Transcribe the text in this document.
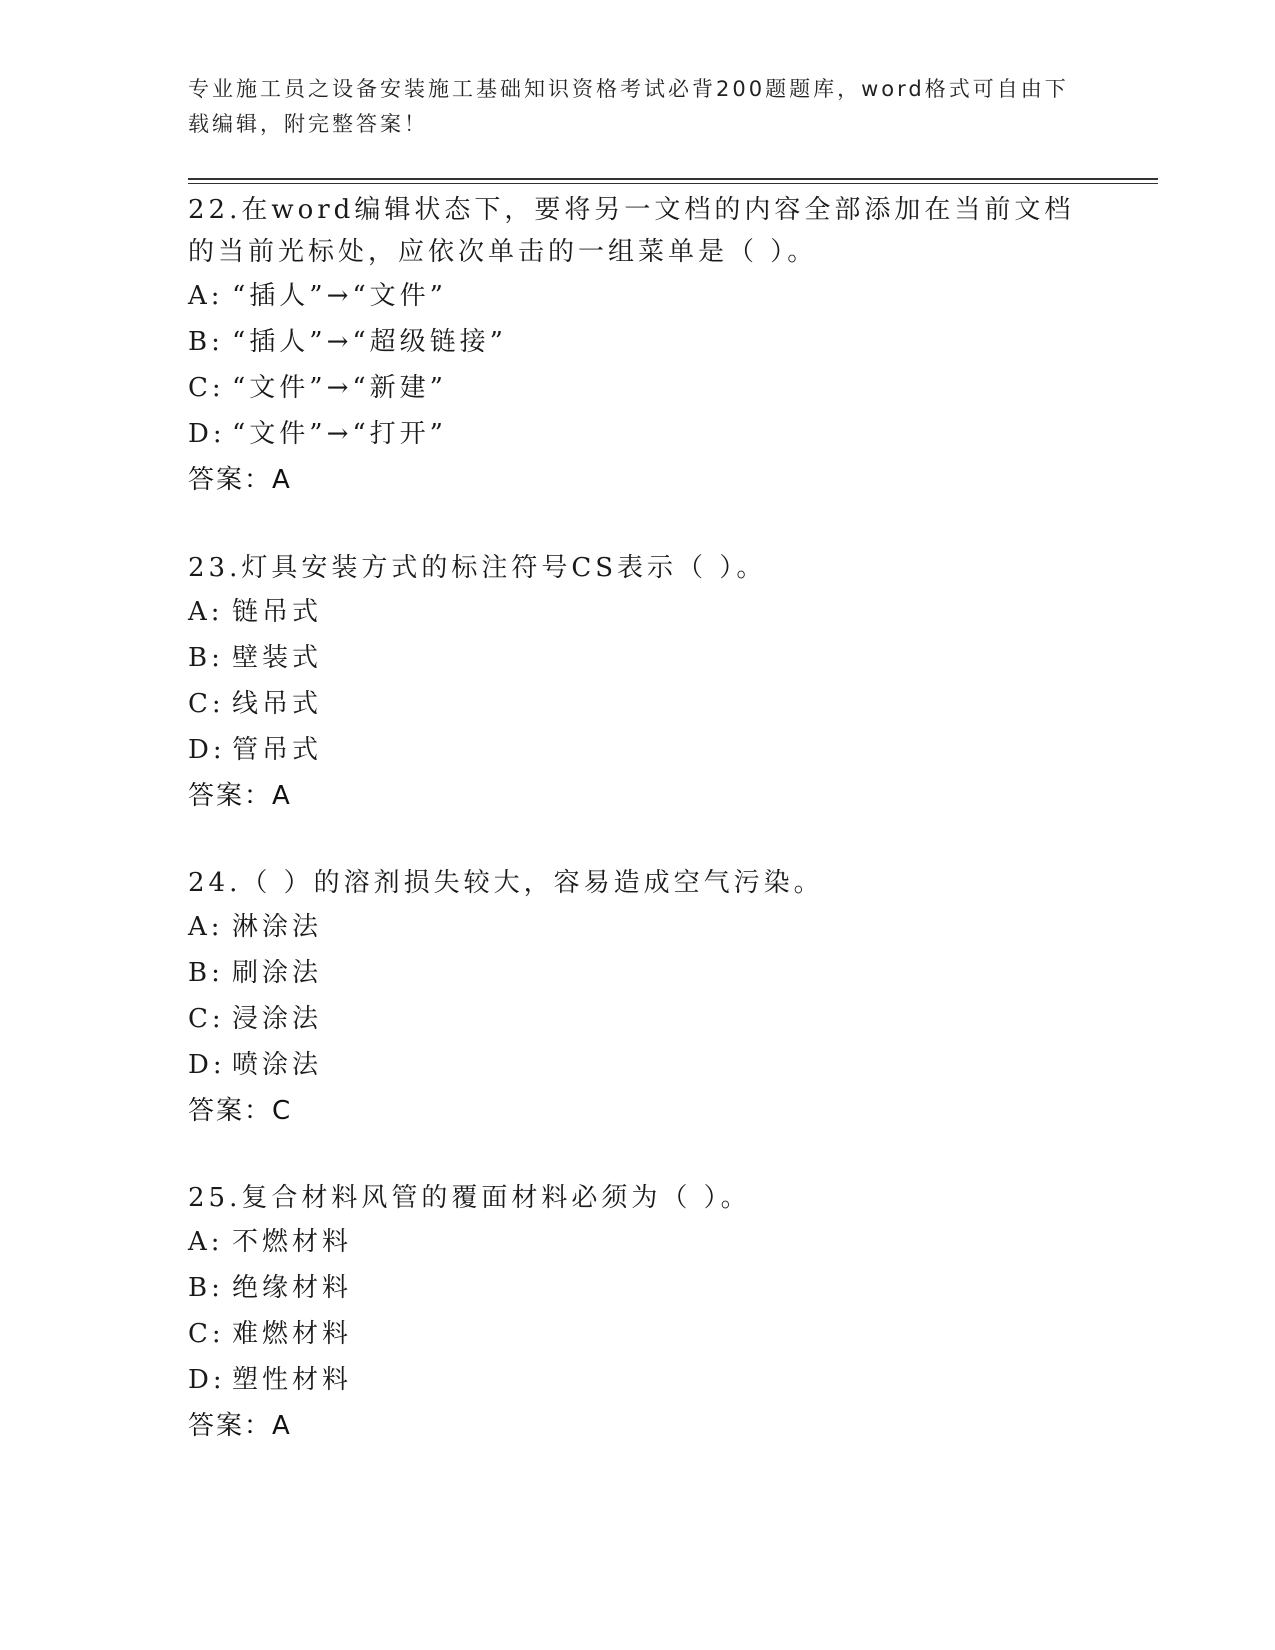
专业施工员之设备安装施工基础知识资格考试必背200题题库，word格式可自由下载编辑，附完整答案！

22.在word编辑状态下，要将另一文档的内容全部添加在当前文档的当前光标处，应依次单击的一组菜单是（ ）。

A: “插人”→“文件”

B: “插人”→“超级链接”

C: “文件”→“新建”

D: “文件”→“打开”

答案：A

23.灯具安装方式的标注符号CS表示（ ）。

A: 链吊式

B: 壁装式

C: 线吊式

D: 管吊式

答案：A

24.（ ）的溶剂损失较大，容易造成空气污染。

A: 淋涂法

B: 刷涂法

C: 浸涂法

D: 喷涂法

答案：C

25.复合材料风管的覆面材料必须为（ ）。

A: 不燃材料

B: 绝缘材料

C: 难燃材料

D: 塑性材料

答案：A
